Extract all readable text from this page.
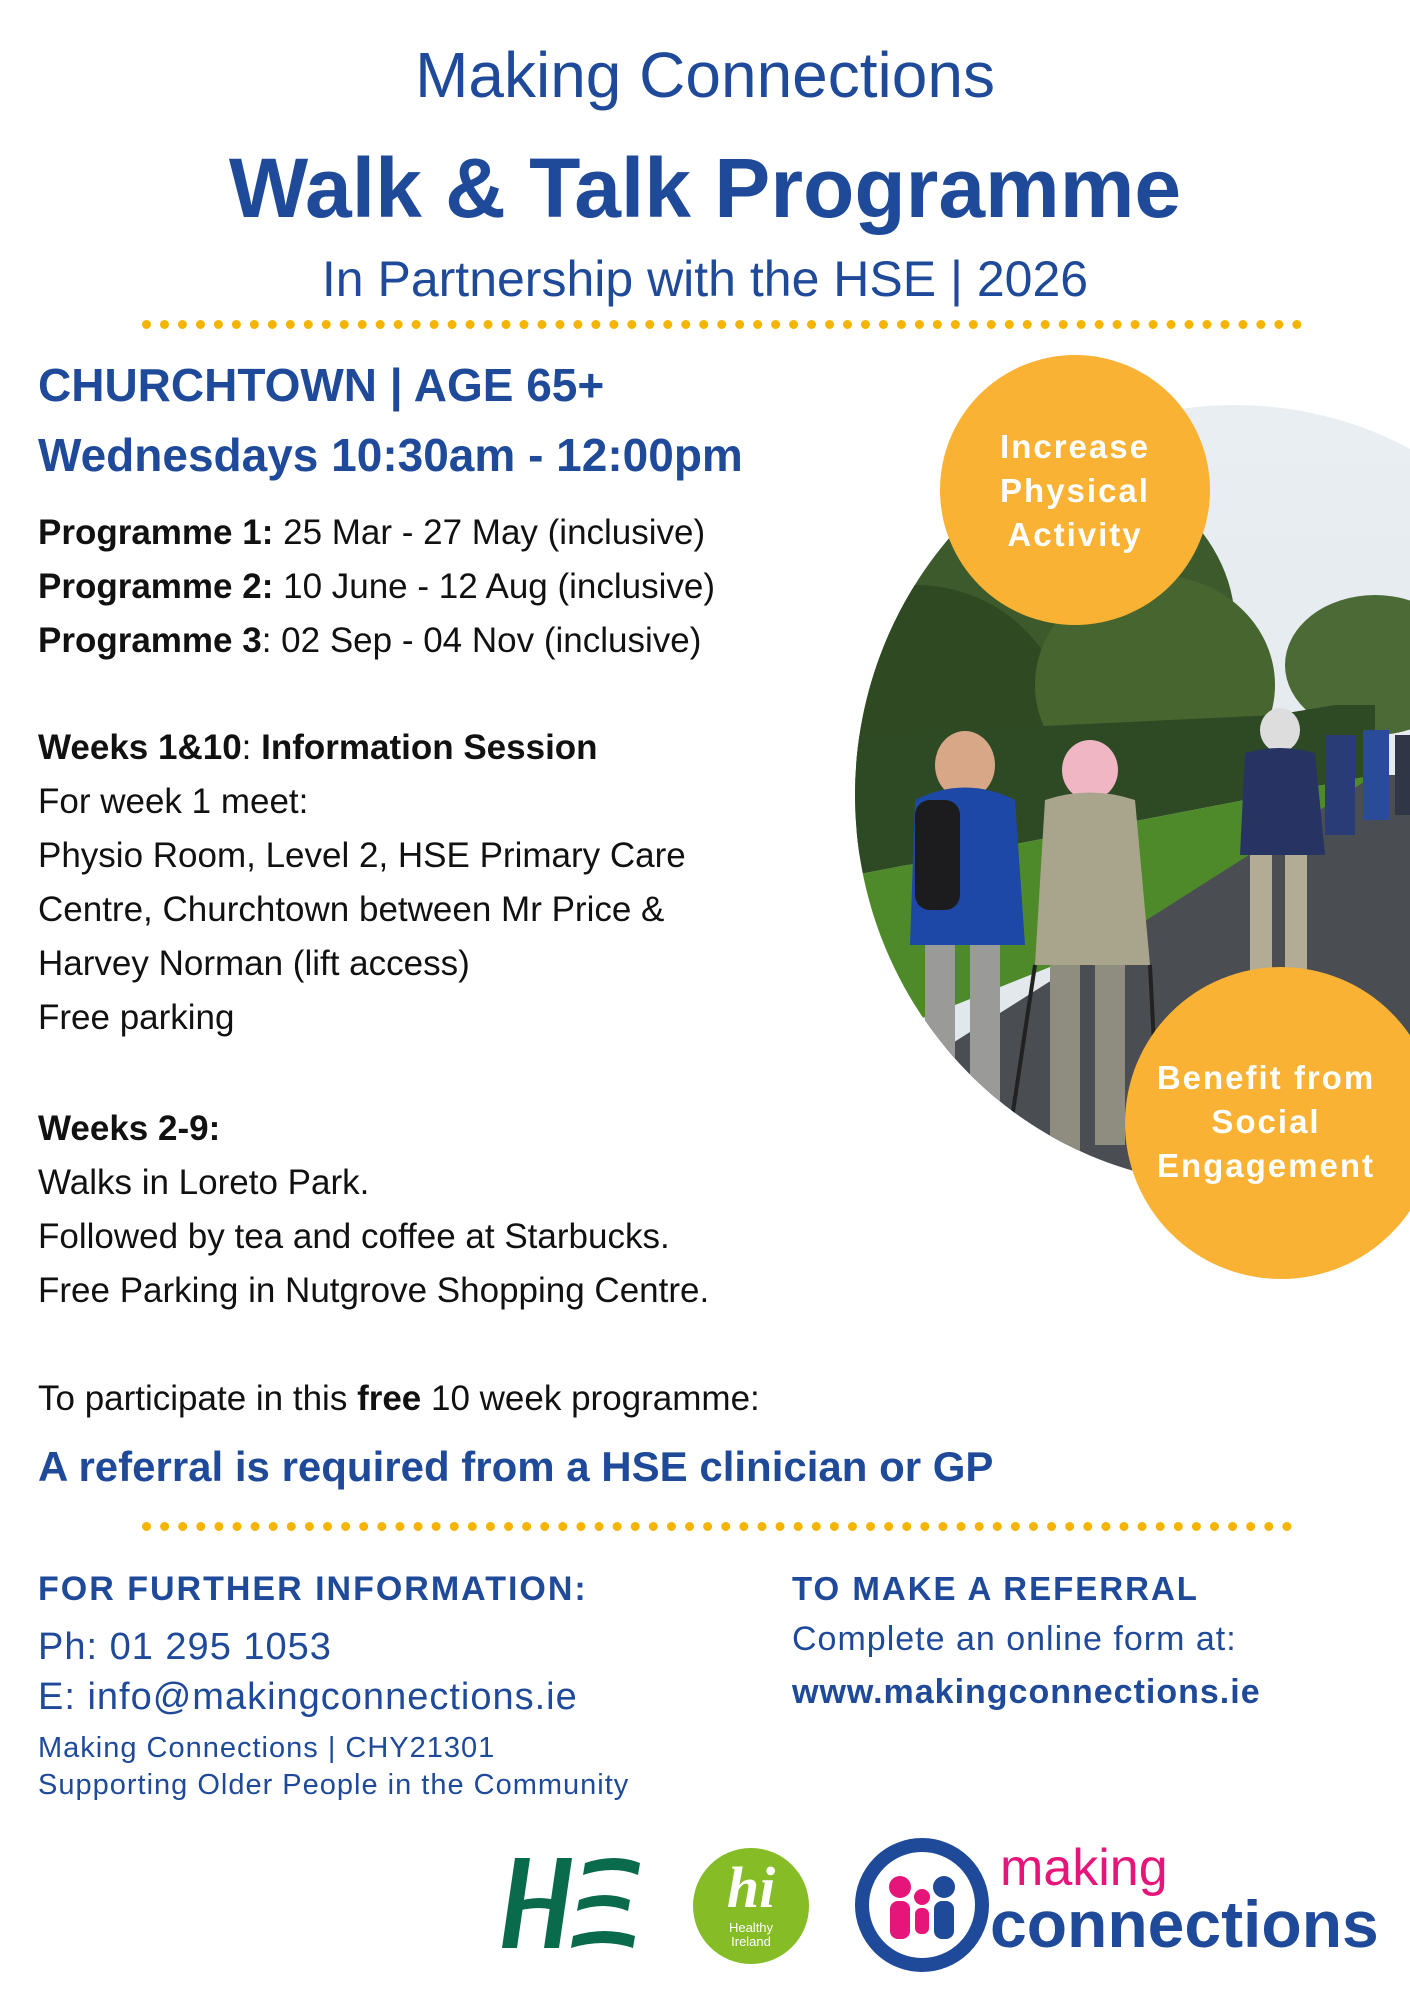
Making Connections
Walk & Talk Programme
In Partnership with the HSE | 2026
Increase
Physical
Activity
Benefit from
Social
Engagement
CHURCHTOWN | AGE 65+
Wednesdays 10:30am - 12:00pm
Programme 1: 25 Mar - 27 May (inclusive)
Programme 2: 10 June - 12 Aug (inclusive)
Programme 3: 02 Sep - 04 Nov (inclusive)
Weeks 1&10: Information Session
For week 1 meet:
Physio Room, Level 2, HSE Primary Care
Centre, Churchtown between Mr Price &
Harvey Norman (lift access)
Free parking
Weeks 2-9:
Walks in Loreto Park.
Followed by tea and coffee at Starbucks.
Free Parking in Nutgrove Shopping Centre.
To participate in this free 10 week programme:
A referral is required from a HSE clinician or GP
FOR FURTHER INFORMATION:
Ph: 01 295 1053
E: info@makingconnections.ie
Making Connections | CHY21301
Supporting Older People in the Community
TO MAKE A REFERRAL
Complete an online form at:
www.makingconnections.ie
hi
Healthy
Ireland
making
connections
